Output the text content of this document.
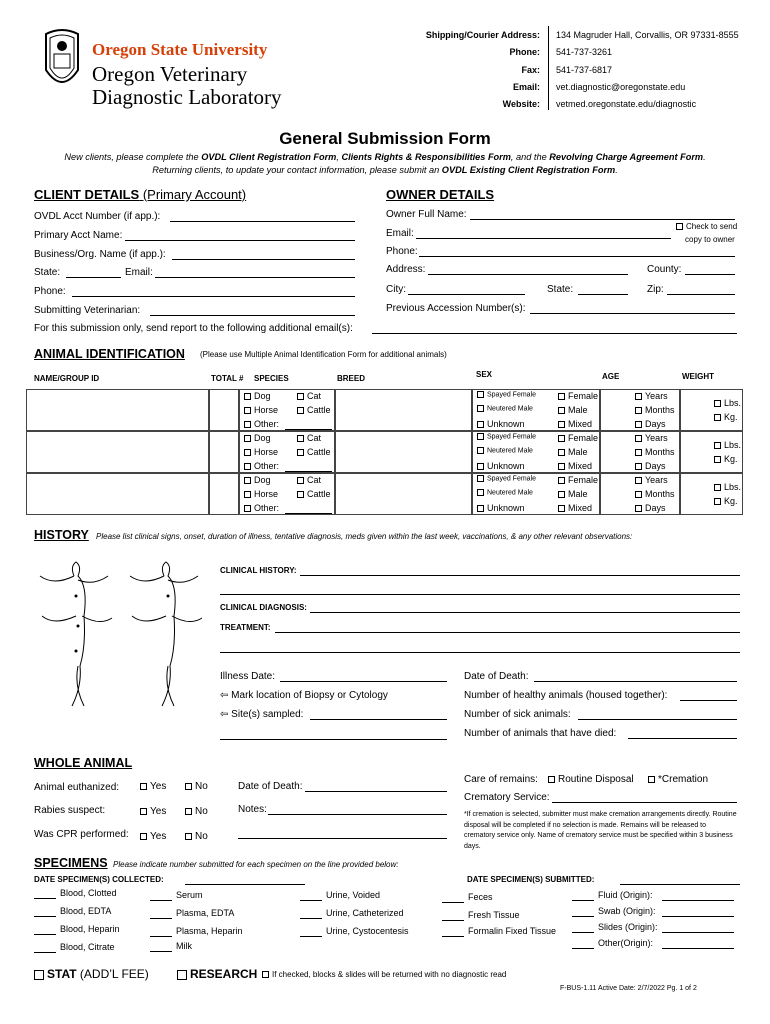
Oregon State University
Oregon Veterinary
Diagnostic Laboratory
Shipping/Courier Address: 134 Magruder Hall, Corvallis, OR 97331-8555
Phone: 541-737-3261
Fax: 541-737-6817
Email: vet.diagnostic@oregonstate.edu
Website: vetmed.oregonstate.edu/diagnostic
General Submission Form
New clients, please complete the OVDL Client Registration Form, Clients Rights & Responsibilities Form, and the Revolving Charge Agreement Form.
Returning clients, to update your contact information, please submit an OVDL Existing Client Registration Form.
CLIENT DETAILS (Primary Account)
OVDL Acct Number (if app.):
Primary Acct Name:
Business/Org. Name (if app.):
State:	Email:
Phone:
Submitting Veterinarian:
OWNER DETAILS
Owner Full Name:
Email:
Check to send
copy to owner
Phone:
Address:	County:
City:	State:	Zip:
Previous Accession Number(s):
For this submission only, send report to the following additional email(s):
ANIMAL IDENTIFICATION (Please use Multiple Animal Identification Form for additional animals)
NAME/GROUP ID	TOTAL # SPECIES	BREED	SEX	AGE	WEIGHT
Dog	Cat
Horse	Cattle
Other:
Spayed Female
Neutered Male
Unknown
Female
Male
Mixed
Years
Months
Days
Lbs.
Kg.
Dog	Cat
Horse	Cattle
Other:
Spayed Female
Neutered Male
Unknown
Female
Male
Mixed
Years
Months
Days
Lbs.
Kg.
Dog	Cat
Horse	Cattle
Other:
Spayed Female
Neutered Male
Unknown
Female
Male
Mixed
Years
Months
Days
Lbs.
Kg.
HISTORY Please list clinical signs, onset, duration of illness, tentative diagnosis, meds given within the last week, vaccinations, & any other relevant observations:
CLINICAL HISTORY:
CLINICAL DIAGNOSIS:
TREATMENT:
Illness Date:	Date of Death:
⇦ Mark location of Biopsy or Cytology	Number of healthy animals (housed together):
⇦ Site(s) sampled:	Number of sick animals:
Number of animals that have died:
WHOLE ANIMAL
Animal euthanized:	Yes	No
Rabies suspect:	Yes	No
Was CPR performed:	Yes	No
Date of Death:
Notes:
Care of remains:	Routine Disposal	*Cremation
Crematory Service:
*If cremation is selected, submitter must make cremation arrangements directly. Routine disposal will be completed if no selection is made. Remains will be released to crematory service only. Name of crematory service must be specified within 3 business days.
SPECIMENS Please indicate number submitted for each specimen on the line provided below:
DATE SPECIMEN(S) COLLECTED:	DATE SPECIMEN(S) SUBMITTED:
Blood, Clotted
Blood, EDTA
Blood, Heparin
Blood, Citrate
Serum
Plasma, EDTA
Plasma, Heparin
Milk
Urine, Voided
Urine, Catheterized
Urine, Cystocentesis
Feces
Fresh Tissue
Formalin Fixed Tissue
Fluid (Origin):
Swab (Origin):
Slides (Origin):
Other(Origin):
STAT (ADD’L FEE)	RESEARCH	If checked, blocks & slides will be returned with no diagnostic read
F-BUS-1.11 Active Date: 2/7/2022 Pg. 1 of 2
